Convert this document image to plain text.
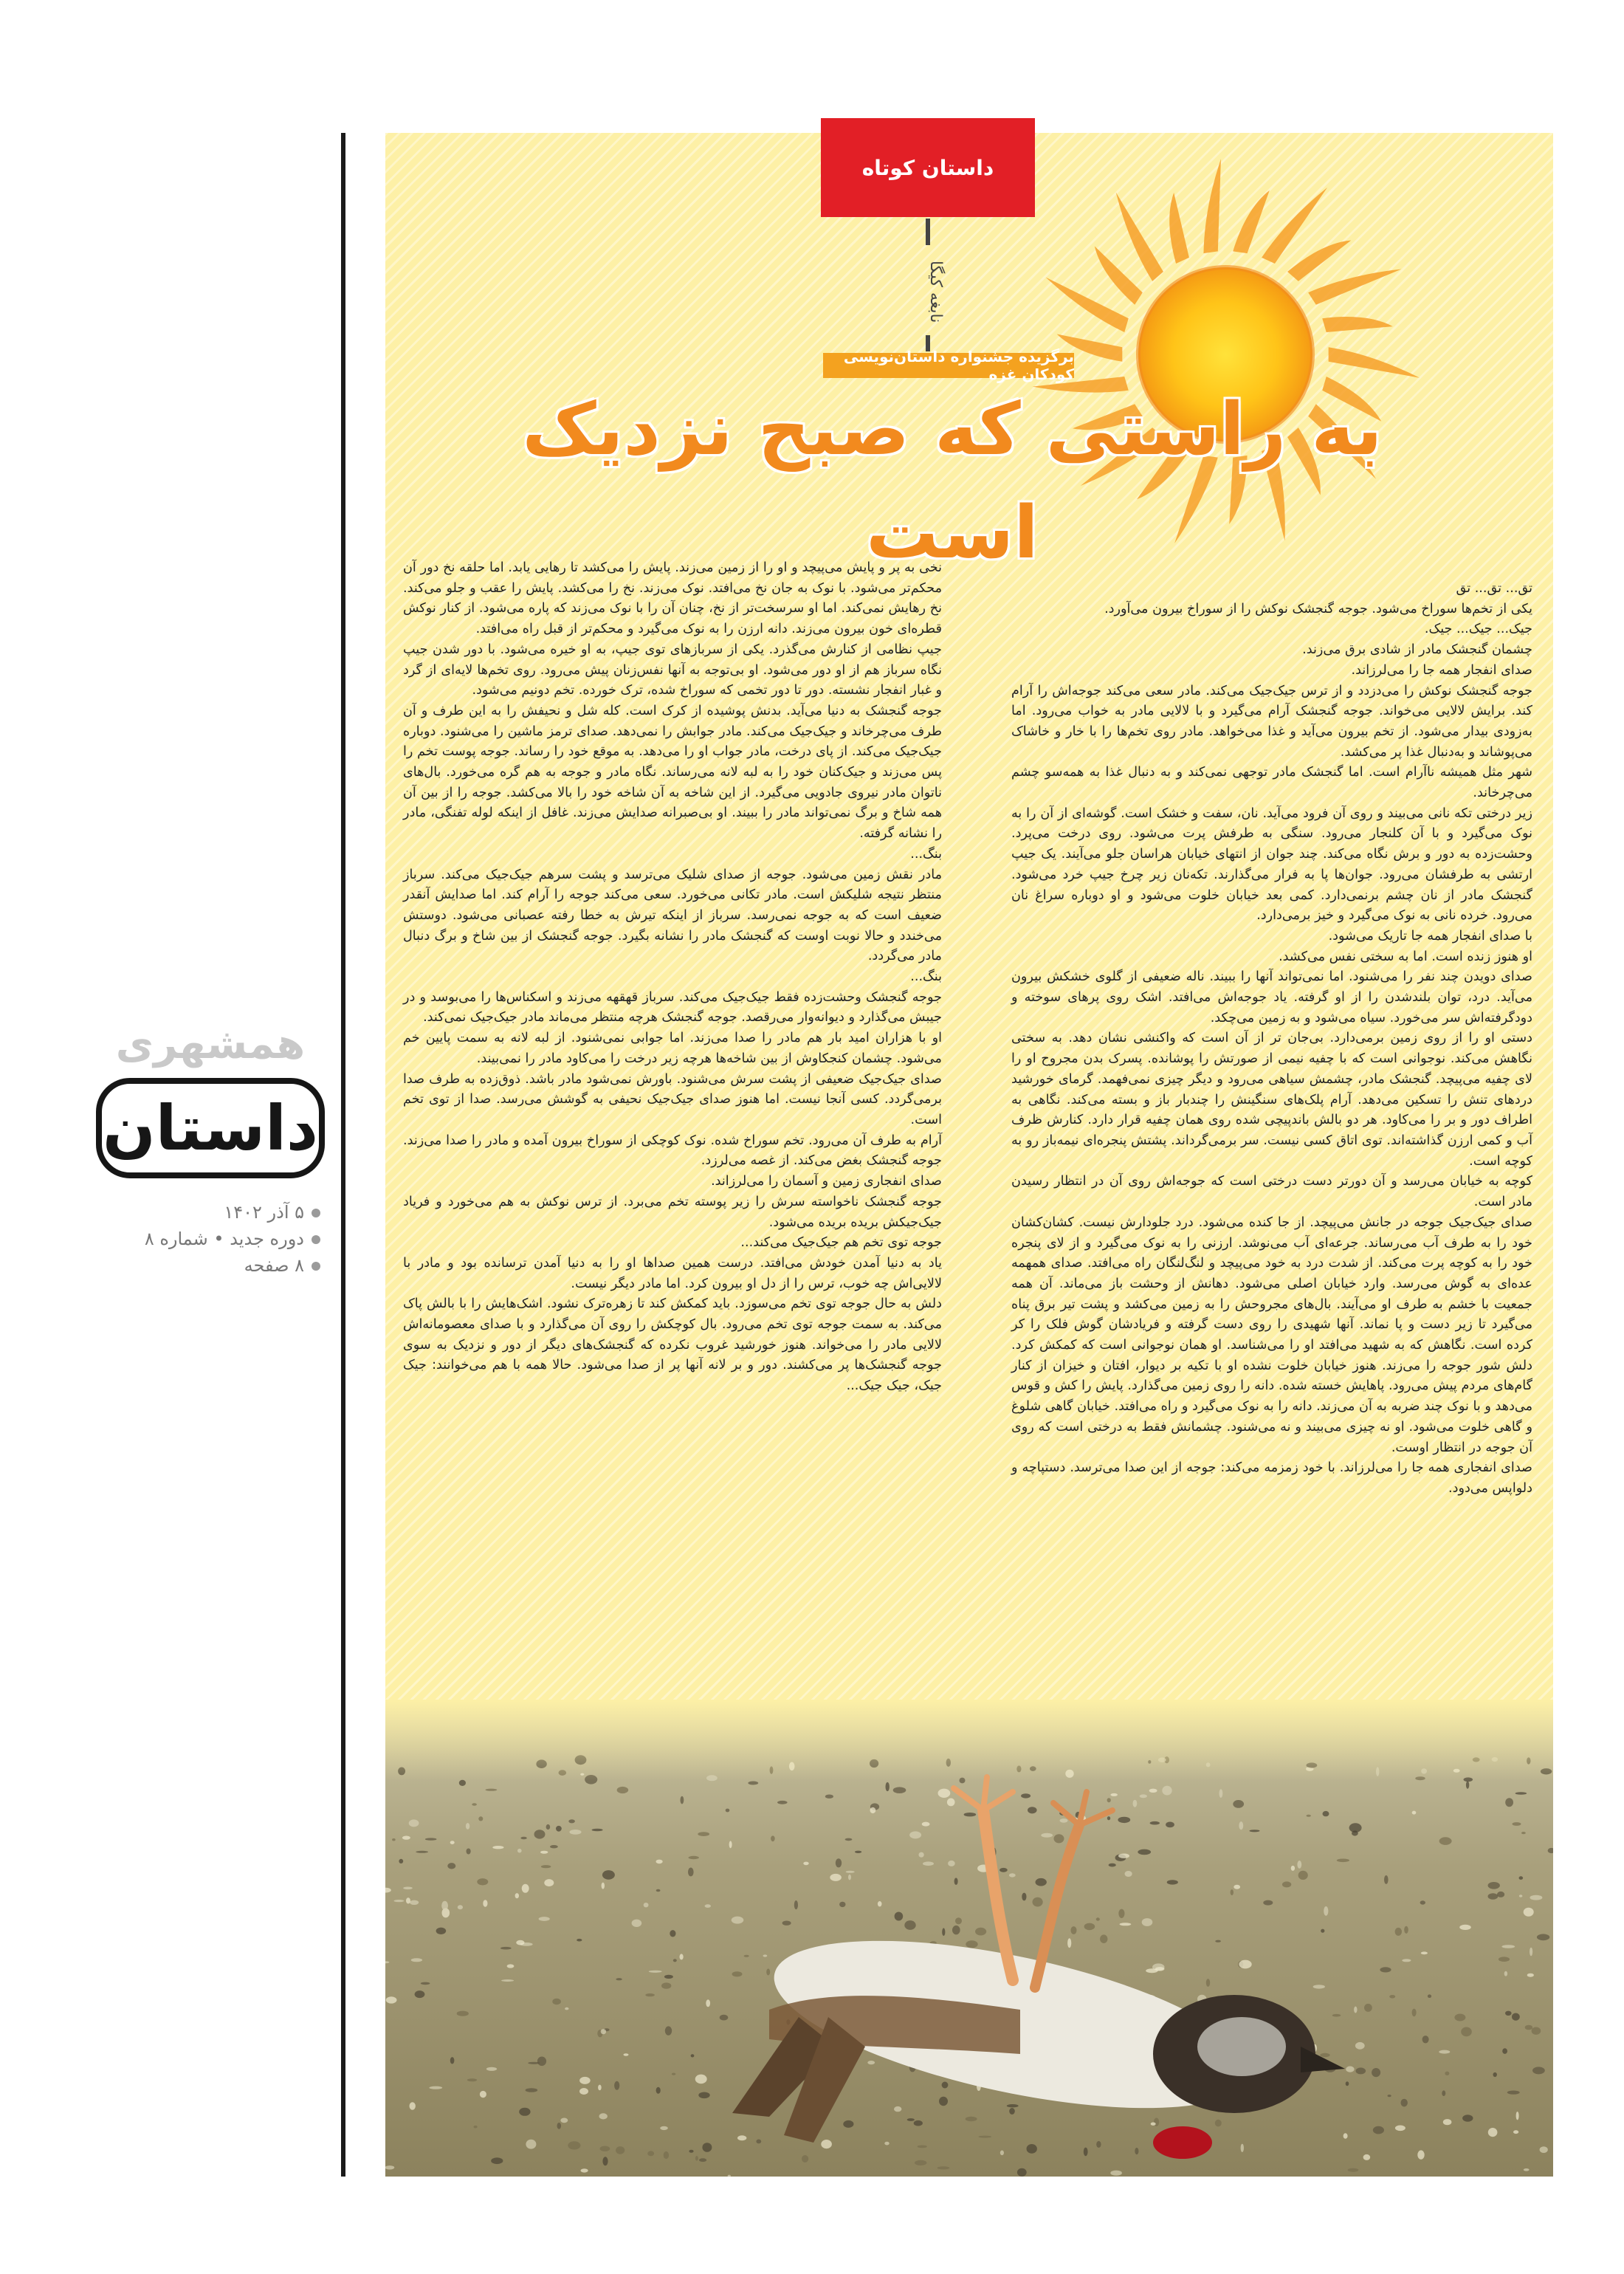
همشهری
داستان
۵ آذر ۱۴۰۲
دوره جدید • شماره ۸
۸ صفحه
داستان کوتاه
نابغه کیگا
برگزیده جشنواره داستان‌نویسی کودکان غزه
به راستی که صبح نزدیک است

تق... تق... تق

یکی از تخم‌ها سوراخ می‌شود. جوجه گنجشک نوکش را از سوراخ بیرون می‌آورد.

جیک... جیک... جیک.

چشمان گنجشک مادر از شادی برق می‌زند.

صدای انفجار همه جا را می‌لرزاند.

جوجه گنجشک نوکش را می‌دزدد و از ترس جیک‌جیک می‌کند. مادر سعی می‌کند جوجه‌اش را آرام کند. برایش لالایی می‌خواند. جوجه گنجشک آرام می‌گیرد و با لالایی مادر به خواب می‌رود. اما به‌زودی بیدار می‌شود. از تخم بیرون می‌آید و غذا می‌خواهد. مادر روی تخم‌ها را با خار و خاشاک می‌پوشاند و به‌دنبال غذا پر می‌کشد.

شهر مثل همیشه ناآرام است. اما گنجشک مادر توجهی نمی‌کند و به دنبال غذا به همه‌سو چشم می‌چرخاند.

زیر درختی تکه نانی می‌بیند و روی آن فرود می‌آید. نان، سفت و خشک است. گوشه‌ای از آن را به نوک می‌گیرد و با آن کلنجار می‌رود. سنگی به طرفش پرت می‌شود. روی درخت می‌پرد. وحشت‌زده به دور و برش نگاه می‌کند. چند جوان از انتهای خیابان هراسان جلو می‌آیند. یک جیپ ارتشی به طرفشان می‌رود. جوان‌ها پا به فرار می‌گذارند. تکه‌نان زیر چرخ جیپ خرد می‌شود. گنجشک مادر از نان چشم برنمی‌دارد. کمی بعد خیابان خلوت می‌شود و او دوباره سراغ نان می‌رود. خرده نانی به نوک می‌گیرد و خیز برمی‌دارد.

با صدای انفجار همه جا تاریک می‌شود.

او هنوز زنده است. اما به سختی نفس می‌کشد.

صدای دویدن چند نفر را می‌شنود. اما نمی‌تواند آنها را ببیند. ناله ضعیفی از گلوی خشکش بیرون می‌آید. درد، توان بلندشدن را از او گرفته. یاد جوجه‌اش می‌افتد. اشک روی پرهای سوخته و دودگرفته‌اش سر می‌خورد. سیاه می‌شود و به زمین می‌چکد.

دستی او را از روی زمین برمی‌دارد. بی‌جان تر از آن است که واکنشی نشان دهد. به سختی نگاهش می‌کند. نوجوانی است که با چفیه نیمی از صورتش را پوشانده. پسرک بدن مجروح او را لای چفیه می‌پیچد. گنجشک مادر، چشمش سیاهی می‌رود و دیگر چیزی نمی‌فهمد. گرمای خورشید دردهای تنش را تسکین می‌دهد. آرام پلک‌های سنگینش را چندبار باز و بسته می‌کند. نگاهی به اطراف دور و بر را می‌کاود. هر دو بالش باندپیچی شده روی همان چفیه قرار دارد. کنارش ظرف آب و کمی ارزن گذاشته‌اند. توی اتاق کسی نیست. سر برمی‌گرداند. پشتش پنجره‌ای نیمه‌باز رو به کوچه است.

کوچه به خیابان می‌رسد و آن دورتر دست درختی است که جوجه‌اش روی آن در انتظار رسیدن مادر است.

صدای جیک‌جیک جوجه در جانش می‌پیچد. از جا کنده می‌شود. درد جلودارش نیست. کشان‌کشان خود را به طرف آب می‌رساند. جرعه‌ای آب می‌نوشد. ارزنی را به نوک می‌گیرد و از لای پنجره خود را به کوچه پرت می‌کند. از شدت درد به خود می‌پیچد و لنگ‌لنگان راه می‌افتد. صدای همهمه عده‌ای به گوش می‌رسد. وارد خیابان اصلی می‌شود. دهانش از وحشت باز می‌ماند. آن همه جمعیت با خشم به طرف او می‌آیند. بال‌های مجروحش را به زمین می‌کشد و پشت تیر برق پناه می‌گیرد تا زیر دست و پا نماند. آنها شهیدی را روی دست گرفته و فریادشان گوش فلک را کر کرده است. نگاهش که به شهید می‌افتد او را می‌شناسد. او همان نوجوانی است که کمکش کرد. دلش شور جوجه را می‌زند. هنوز خیابان خلوت نشده او با تکیه بر دیوار، افتان و خیزان از کنار گام‌های مردم پیش می‌رود. پاهایش خسته شده. دانه را روی زمین می‌گذارد. پایش را کش و قوس می‌دهد و با نوک چند ضربه به آن می‌زند. دانه را به نوک می‌گیرد و راه می‌افتد. خیابان گاهی شلوغ و گاهی خلوت می‌شود. او نه چیزی می‌بیند و نه می‌شنود. چشمانش فقط به درختی است که روی آن جوجه در انتظار اوست.

صدای انفجاری همه جا را می‌لرزاند. با خود زمزمه می‌کند: جوجه از این صدا می‌ترسد. دستپاچه و دلواپس می‌دود.

نخی به پر و پایش می‌پیچد و او را از زمین می‌زند. پایش را می‌کشد تا رهایی یابد. اما حلقه نخ دور آن محکم‌تر می‌شود. با نوک به جان نخ می‌افتد. نوک می‌زند. نخ را می‌کشد. پایش را عقب و جلو می‌کند. نخ رهایش نمی‌کند. اما او سرسخت‌تر از نخ، چنان آن را با نوک می‌زند که پاره می‌شود. از کنار نوکش قطره‌ای خون بیرون می‌زند. دانه ارزن را به نوک می‌گیرد و محکم‌تر از قبل راه می‌افتد.

جیپ نظامی از کنارش می‌گذرد. یکی از سربازهای توی جیپ، به او خیره می‌شود. با دور شدن جیپ نگاه سرباز هم از او دور می‌شود. او بی‌توجه به آنها نفس‌زنان پیش می‌رود. روی تخم‌ها لایه‌ای از گرد و غبار انفجار نشسته. دور تا دور تخمی که سوراخ شده، ترک خورده. تخم دونیم می‌شود.

جوجه گنجشک به دنیا می‌آید. بدنش پوشیده از کرک است. کله شل و نحیفش را به این طرف و آن طرف می‌چرخاند و جیک‌جیک می‌کند. مادر جوابش را نمی‌دهد. صدای ترمز ماشین را می‌شنود. دوباره جیک‌جیک می‌کند. از پای درخت، مادر جواب او را می‌دهد. به موقع خود را رساند. جوجه پوست تخم را پس می‌زند و جیک‌کنان خود را به لبه لانه می‌رساند. نگاه مادر و جوجه به هم گره می‌خورد. بال‌های ناتوان مادر نیروی جادویی می‌گیرد. از این شاخه به آن شاخه خود را بالا می‌کشد. جوجه را از بین آن همه شاخ و برگ نمی‌تواند مادر را ببیند. او بی‌صبرانه صدایش می‌زند. غافل از اینکه لوله تفنگی، مادر را نشانه گرفته.

بنگ...

مادر نقش زمین می‌شود. جوجه از صدای شلیک می‌ترسد و پشت سرهم جیک‌جیک می‌کند. سرباز منتظر نتیجه شلیکش است. مادر تکانی می‌خورد. سعی می‌کند جوجه را آرام کند. اما صدایش آنقدر ضعیف است که به جوجه نمی‌رسد. سرباز از اینکه تیرش به خطا رفته عصبانی می‌شود. دوستش می‌خندد و حالا نوبت اوست که گنجشک مادر را نشانه بگیرد. جوجه گنجشک از بین شاخ و برگ دنبال مادر می‌گردد.

بنگ...

جوجه گنجشک وحشت‌زده فقط جیک‌جیک می‌کند. سرباز قهقهه می‌زند و اسکناس‌ها را می‌بوسد و در جیبش می‌گذارد و دیوانه‌وار می‌رقصد. جوجه گنجشک هرچه منتظر می‌ماند مادر جیک‌جیک نمی‌کند.

او با هزاران امید بار هم مادر را صدا می‌زند. اما جوابی نمی‌شنود. از لبه لانه به سمت پایین خم می‌شود. چشمان کنجکاوش از بین شاخه‌ها هرچه زیر درخت را می‌کاود مادر را نمی‌بیند.

صدای جیک‌جیک ضعیفی از پشت سرش می‌شنود. باورش نمی‌شود مادر باشد. ذوق‌زده به طرف صدا برمی‌گردد. کسی آنجا نیست. اما هنوز صدای جیک‌جیک نحیفی به گوشش می‌رسد. صدا از توی تخم است.

آرام به طرف آن می‌رود. تخم سوراخ شده. نوک کوچکی از سوراخ بیرون آمده و مادر را صدا می‌زند. جوجه گنجشک بغض می‌کند. از غصه می‌لرزد.

صدای انفجاری زمین و آسمان را می‌لرزاند.

جوجه گنجشک ناخواسته سرش را زیر پوسته تخم می‌برد. از ترس نوکش به هم می‌خورد و فریاد جیک‌جیکش بریده بریده می‌شود.

جوجه توی تخم هم جیک‌جیک می‌کند...

یاد به دنیا آمدن خودش می‌افتد. درست همین صداها او را به دنیا آمدن ترسانده بود و مادر با لالایی‌اش چه خوب، ترس را از دل او بیرون کرد. اما مادر دیگر نیست.

دلش به حال جوجه توی تخم می‌سوزد. باید کمکش کند تا زهره‌ترک نشود. اشک‌هایش را با بالش پاک می‌کند. به سمت جوجه توی تخم می‌رود. بال کوچکش را روی آن می‌گذارد و با صدای معصومانه‌اش لالایی مادر را می‌خواند. هنوز خورشید غروب نکرده که گنجشک‌های دیگر از دور و نزدیک به سوی جوجه گنجشک‌ها پر می‌کشند. دور و بر لانه آنها پر از صدا می‌شود. حالا همه با هم می‌خوانند: جیک جیک، جیک جیک...
